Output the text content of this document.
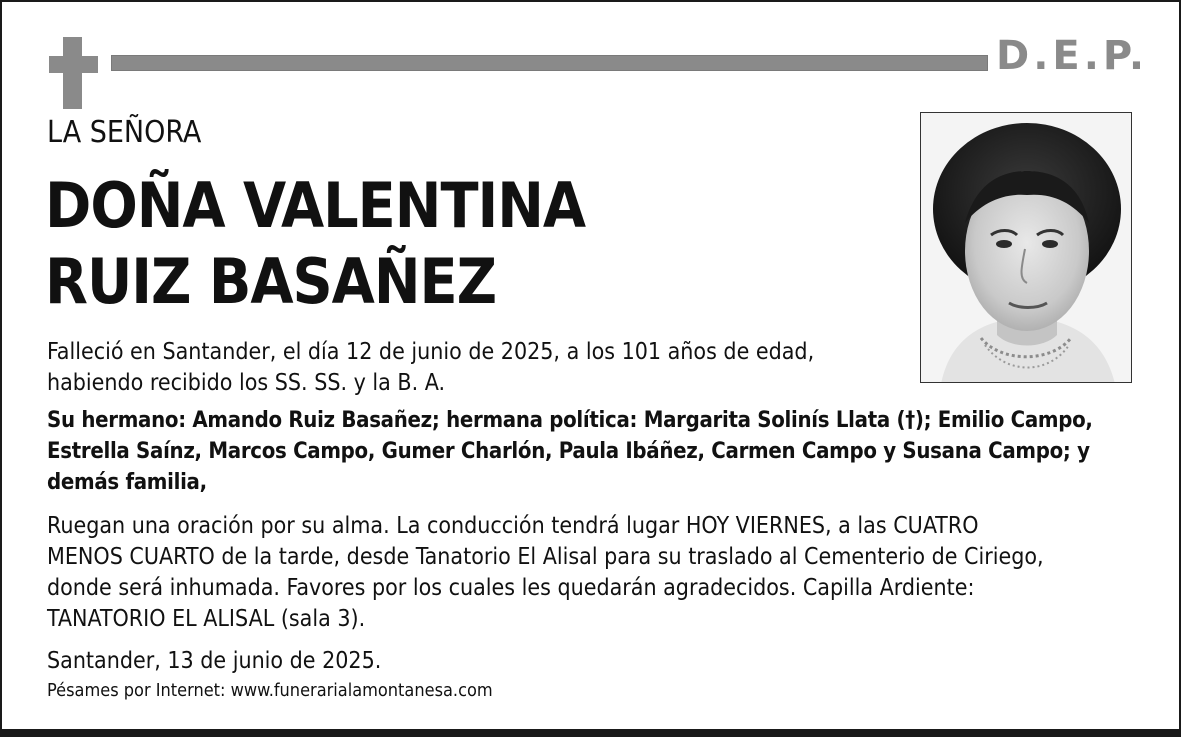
D.E.P.
LA SEÑORA
DOÑA VALENTINA
RUIZ BASAÑEZ
Falleció en Santander, el día 12 de junio de 2025, a los 101 años de edad,
habiendo recibido los SS. SS. y la B. A.
Su hermano: Amando Ruiz Basañez; hermana política: Margarita Solinís Llata (†); Emilio Campo,
Estrella Saínz, Marcos Campo, Gumer Charlón, Paula Ibáñez, Carmen Campo y Susana Campo; y
demás familia,
Ruegan una oración por su alma. La conducción tendrá lugar HOY VIERNES, a las CUATRO
MENOS CUARTO de la tarde, desde Tanatorio El Alisal para su traslado al Cementerio de Ciriego,
donde será inhumada. Favores por los cuales les quedarán agradecidos. Capilla Ardiente:
TANATORIO EL ALISAL (sala 3).
Santander, 13 de junio de 2025.
Pésames por Internet: www.funerarialamontanesa.com
